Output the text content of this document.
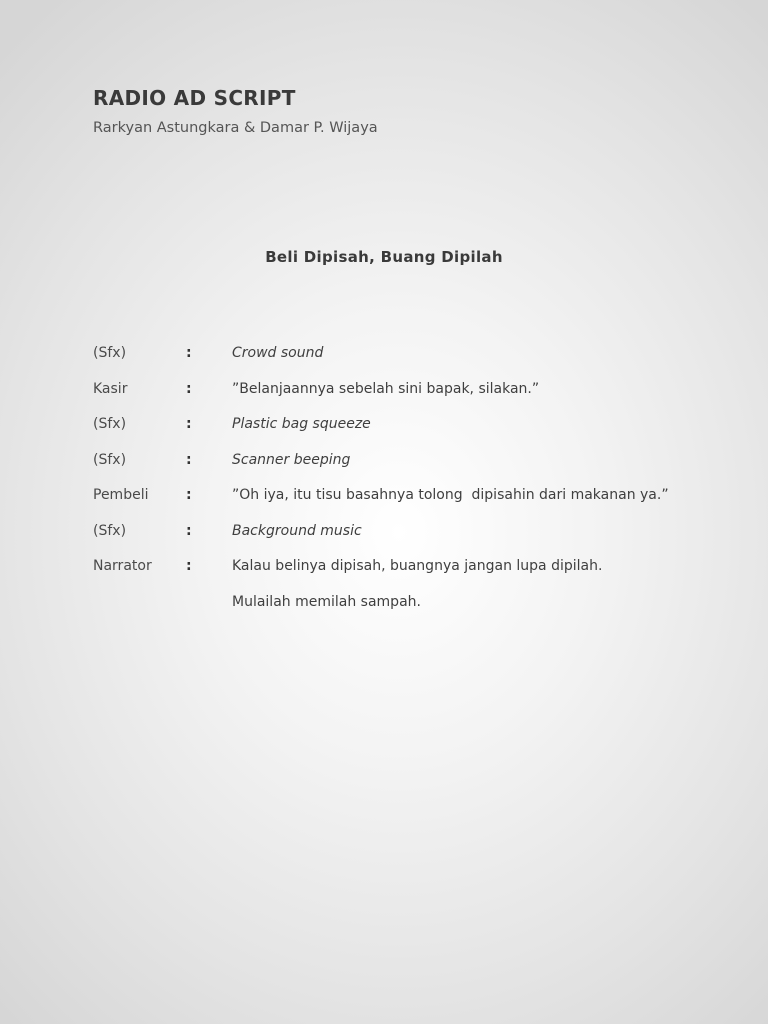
RADIO AD SCRIPT

Rarkyan Astungkara & Damar P. Wijaya

Beli Dipisah, Buang Dipilah
(Sfx)	:	Crowd sound
Kasir	:	”Belanjaannya sebelah sini bapak, silakan.”
(Sfx)	:	Plastic bag squeeze
(Sfx)	:	Scanner beeping
Pembeli	:	”Oh iya, itu tisu basahnya tolong  dipisahin dari makanan ya.”
(Sfx)	:	Background music
Narrator :	Kalau belinya dipisah, buangnya jangan lupa dipilah.
Mulailah memilah sampah.
